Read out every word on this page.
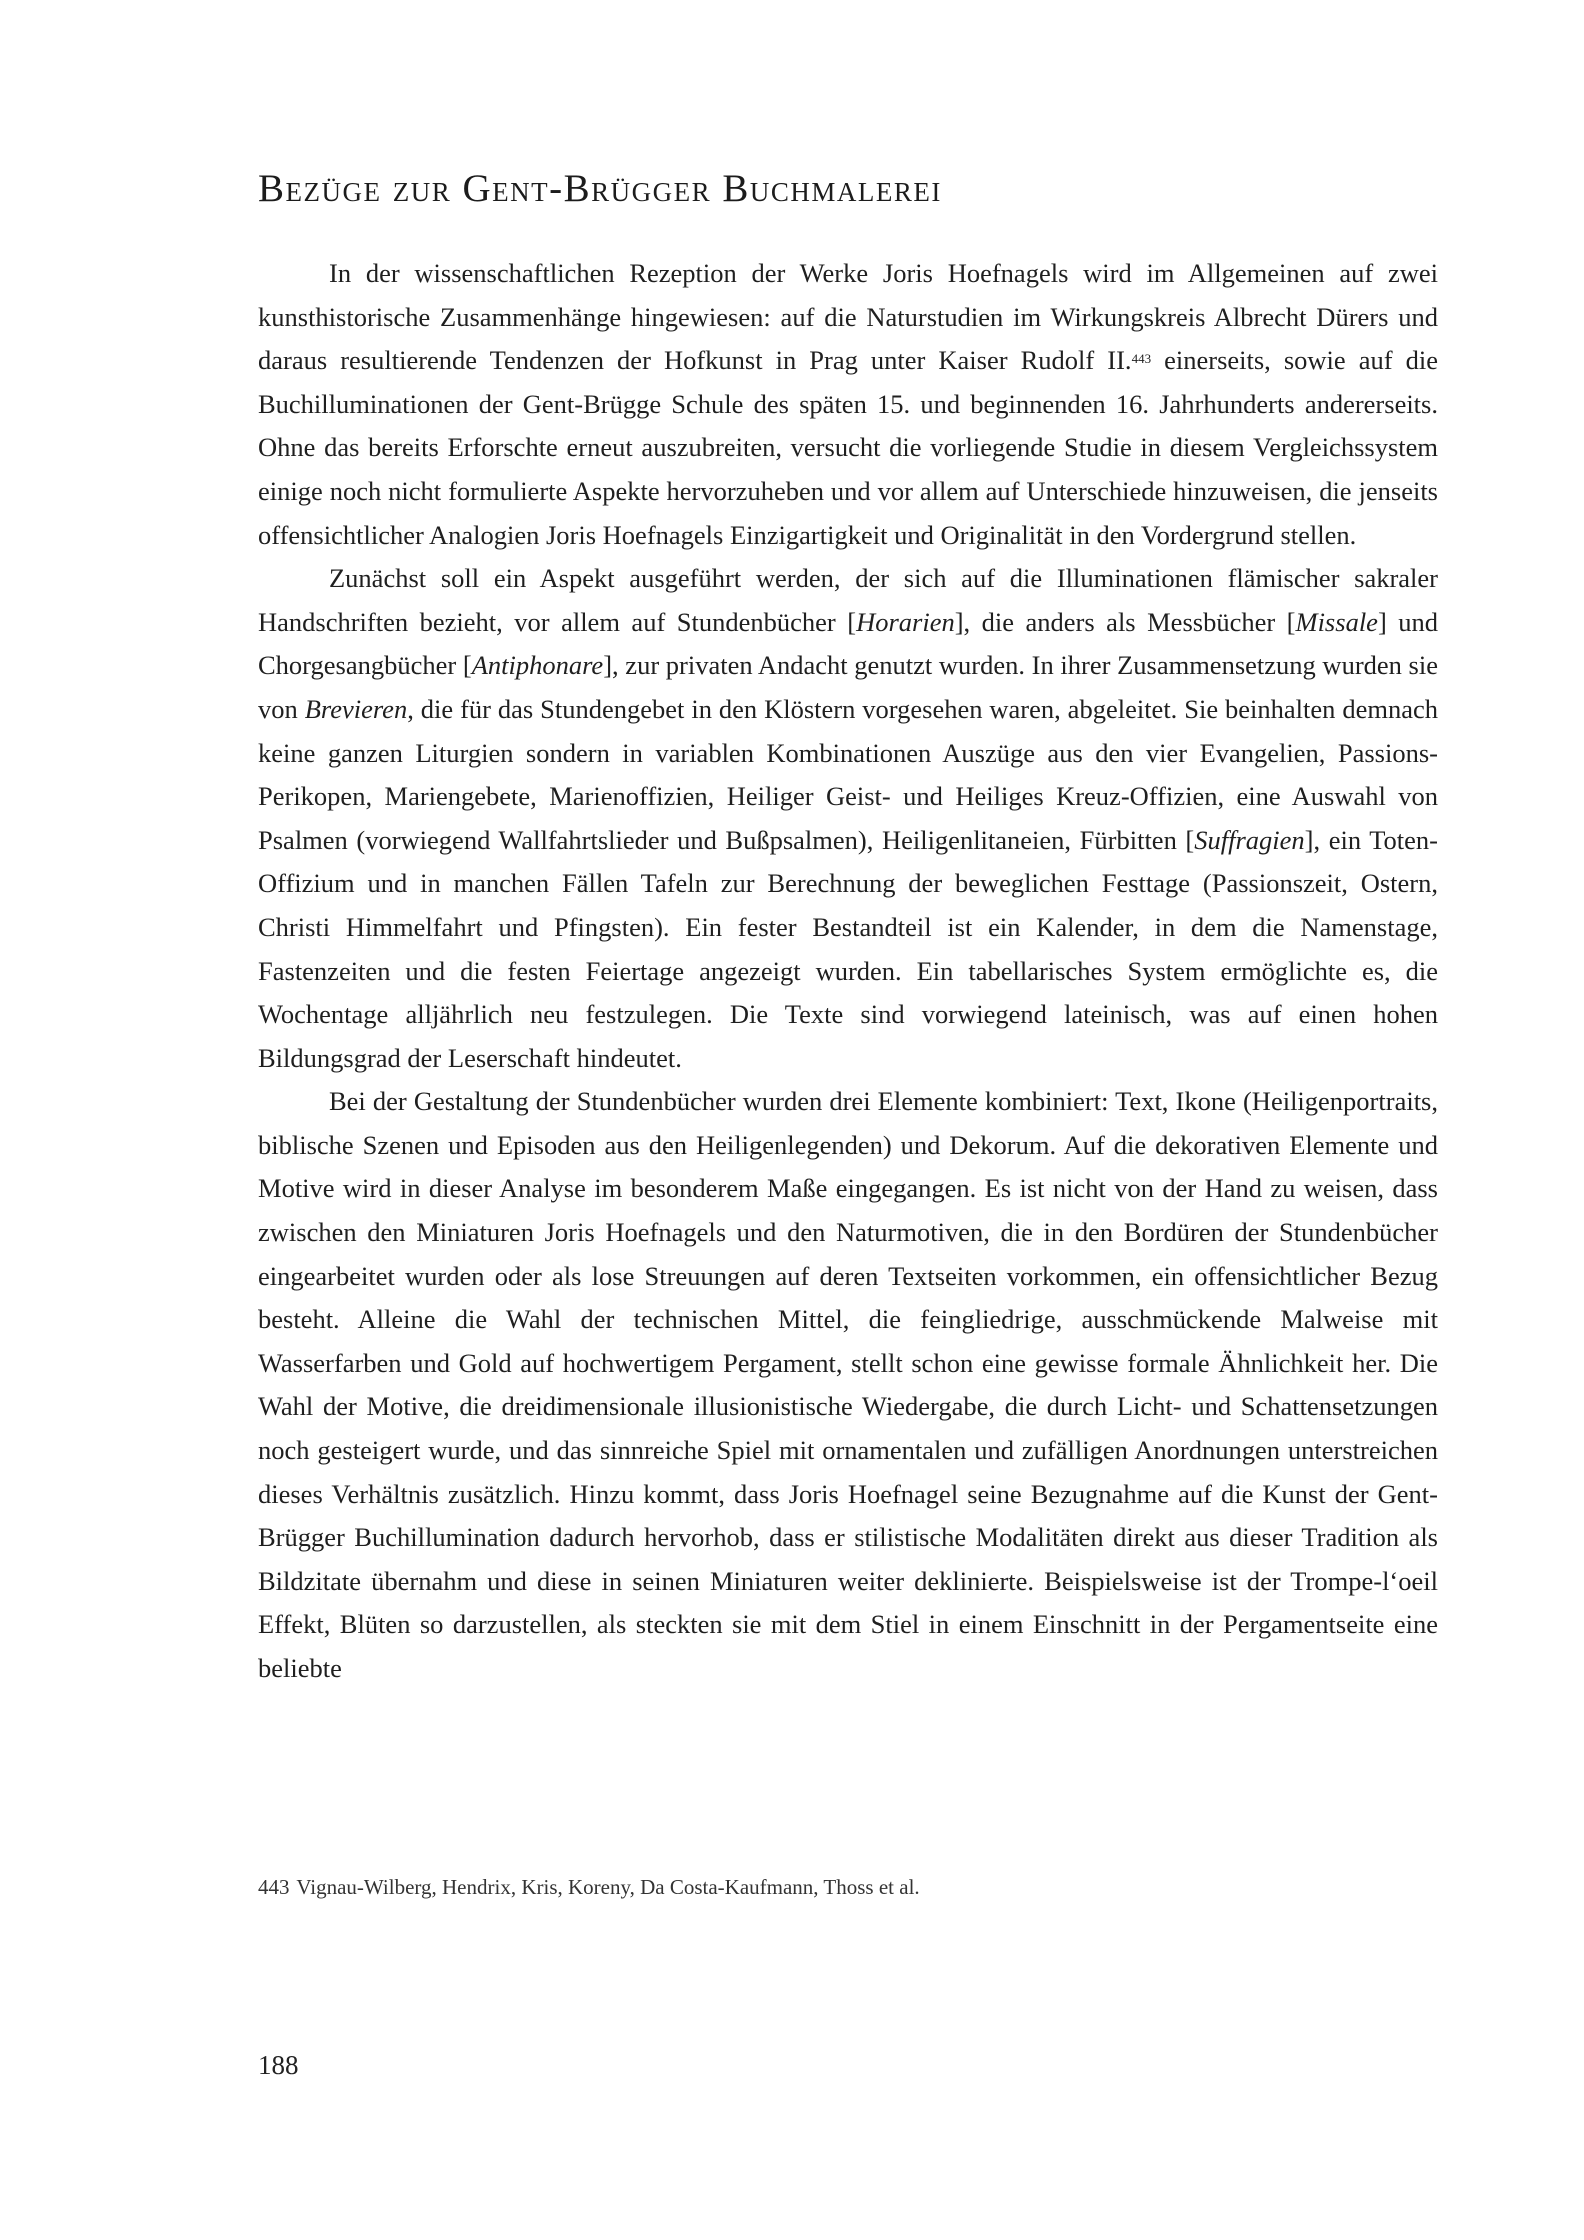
Bezüge zur Gent-Brügger Buchmalerei

In der wissenschaftlichen Rezeption der Werke Joris Hoefnagels wird im Allgemeinen auf zwei kunsthistorische Zusammenhänge hingewiesen: auf die Naturstudien im Wirkungskreis Albrecht Dürers und daraus resultierende Tendenzen der Hofkunst in Prag unter Kaiser Rudolf II.$^{443}$ einerseits, sowie auf die Buchilluminationen der Gent-Brügge Schule des späten 15. und beginnenden 16. Jahrhunderts andererseits. Ohne das bereits Erforschte erneut auszubreiten, versucht die vorliegende Studie in diesem Vergleichssystem einige noch nicht formulierte Aspekte hervorzuheben und vor allem auf Unterschiede hinzuweisen, die jenseits offensichtlicher Analogien Joris Hoefnagels Einzigartigkeit und Originalität in den Vordergrund stellen.

Zunächst soll ein Aspekt ausgeführt werden, der sich auf die Illuminationen flämischer sakraler Handschriften bezieht, vor allem auf Stundenbücher [Horarien], die anders als Messbücher [Missale] und Chorgesangbücher [Antiphonare], zur privaten Andacht genutzt wurden. In ihrer Zusammensetzung wurden sie von Brevieren, die für das Stundengebet in den Klöstern vorgesehen waren, abgeleitet. Sie beinhalten demnach keine ganzen Liturgien sondern in variablen Kombinationen Auszüge aus den vier Evangelien, Passions-Perikopen, Mariengebete, Marienoffizien, Heiliger Geist- und Heiliges Kreuz-Offizien, eine Auswahl von Psalmen (vorwiegend Wallfahrtslieder und Bußpsalmen), Heiligenlitaneien, Fürbitten [Suffragien], ein Toten-Offizium und in manchen Fällen Tafeln zur Berechnung der beweglichen Festtage (Passionszeit, Ostern, Christi Himmelfahrt und Pfingsten). Ein fester Bestandteil ist ein Kalender, in dem die Namenstage, Fastenzeiten und die festen Feiertage angezeigt wurden. Ein tabellarisches System ermöglichte es, die Wochentage alljährlich neu festzulegen. Die Texte sind vorwiegend lateinisch, was auf einen hohen Bildungsgrad der Leserschaft hindeutet.

Bei der Gestaltung der Stundenbücher wurden drei Elemente kombiniert: Text, Ikone (Heiligenportraits, biblische Szenen und Episoden aus den Heiligenlegenden) und Dekorum. Auf die dekorativen Elemente und Motive wird in dieser Analyse im besonderem Maße eingegangen. Es ist nicht von der Hand zu weisen, dass zwischen den Miniaturen Joris Hoefnagels und den Naturmotiven, die in den Bordüren der Stundenbücher eingearbeitet wurden oder als lose Streuungen auf deren Textseiten vorkommen, ein offensichtlicher Bezug besteht. Alleine die Wahl der technischen Mittel, die feingliedrige, ausschmückende Malweise mit Wasserfarben und Gold auf hochwertigem Pergament, stellt schon eine gewisse formale Ähnlichkeit her. Die Wahl der Motive, die dreidimensionale illusionistische Wiedergabe, die durch Licht- und Schattensetzungen noch gesteigert wurde, und das sinnreiche Spiel mit ornamentalen und zufälligen Anordnungen unterstreichen dieses Verhältnis zusätzlich. Hinzu kommt, dass Joris Hoefnagel seine Bezugnahme auf die Kunst der Gent-Brügger Buchillumination dadurch hervorhob, dass er stilistische Modalitäten direkt aus dieser Tradition als Bildzitate übernahm und diese in seinen Miniaturen weiter deklinierte. Beispielsweise ist der Trompe-l‘oeil Effekt, Blüten so darzustellen, als steckten sie mit dem Stiel in einem Einschnitt in der Pergamentseite eine beliebte

443 Vignau-Wilberg, Hendrix, Kris, Koreny, Da Costa-Kaufmann, Thoss et al.
188
